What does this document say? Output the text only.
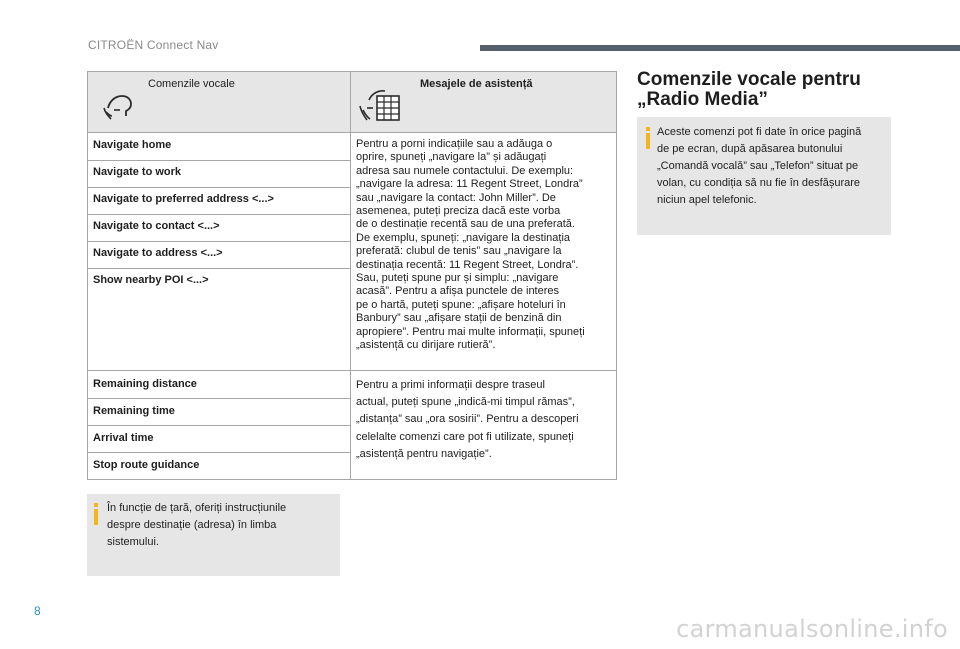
CITROËN Connect Nav
Comenzile vocale	Mesajele de asistență
Navigate home
Navigate to work
Navigate to preferred address <...>
Navigate to contact <...>
Navigate to address <...>
Show nearby POI <...>
Pentru a porni indicațiile sau a adăuga o
oprire, spuneți „navigare la” și adăugați
adresa sau numele contactului. De exemplu:
„navigare la adresa: 11 Regent Street, Londra”
sau „navigare la contact: John Miller”. De
asemenea, puteți preciza dacă este vorba
de o destinație recentă sau de una preferată.
De exemplu, spuneți: „navigare la destinația
preferată: clubul de tenis” sau „navigare la
destinația recentă: 11 Regent Street, Londra”.
Sau, puteți spune pur și simplu: „navigare
acasă”. Pentru a afișa punctele de interes
pe o hartă, puteți spune: „afișare hoteluri în
Banbury” sau „afișare stații de benzină din
apropiere”. Pentru mai multe informații, spuneți
„asistență cu dirijare rutieră”.
Remaining distance
Remaining time
Arrival time
Stop route guidance
Pentru a primi informații despre traseul
actual, puteți spune „indică-mi timpul rămas”,
„distanța” sau „ora sosirii”. Pentru a descoperi
celelalte comenzi care pot fi utilizate, spuneți
„asistență pentru navigație”.
În funcție de țară, oferiți instrucțiunile
despre destinație (adresa) în limba
sistemului.
Comenzile vocale pentru
„Radio Media”
Aceste comenzi pot fi date în orice pagină
de pe ecran, după apăsarea butonului
„Comandă vocală” sau „Telefon” situat pe
volan, cu condiția să nu fie în desfășurare
niciun apel telefonic.
8
carmanualsonline.info
